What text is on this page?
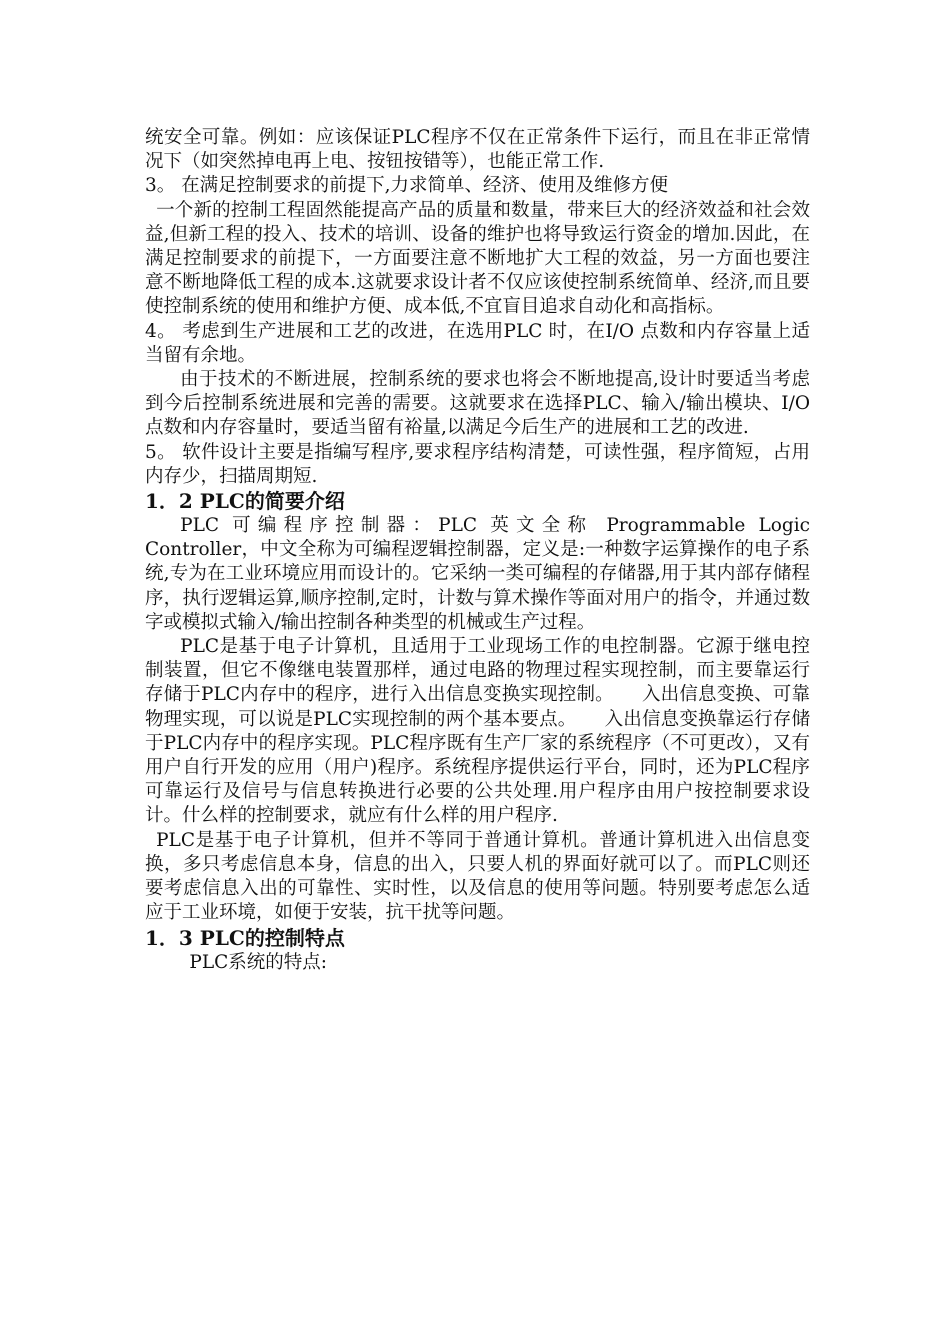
统安全可靠。例如：应该保证PLC程序不仅在正常条件下运行，而且在非正常情况下（如突然掉电再上电、按钮按错等），也能正常工作.

3。 在满足控制要求的前提下,力求简单、经济、使用及维修方便

一个新的控制工程固然能提高产品的质量和数量，带来巨大的经济效益和社会效益,但新工程的投入、技术的培训、设备的维护也将导致运行资金的增加.因此，在满足控制要求的前提下，一方面要注意不断地扩大工程的效益，另一方面也要注意不断地降低工程的成本.这就要求设计者不仅应该使控制系统简单、经济,而且要使控制系统的使用和维护方便、成本低,不宜盲目追求自动化和高指标。

4。 考虑到生产进展和工艺的改进，在选用PLC 时，在I/O 点数和内存容量上适当留有余地。

由于技术的不断进展，控制系统的要求也将会不断地提高,设计时要适当考虑到今后控制系统进展和完善的需要。这就要求在选择PLC、输入/输出模块、I/O 点数和内存容量时，要适当留有裕量,以满足今后生产的进展和工艺的改进.

5。 软件设计主要是指编写程序,要求程序结构清楚，可读性强，程序简短，占用内存少，扫描周期短.

1．2 PLC的简要介绍

PLC 可编程序控制器：PLC 英文全称 Programmable Logic Controller，中文全称为可编程逻辑控制器，定义是:一种数字运算操作的电子系统,专为在工业环境应用而设计的。它采纳一类可编程的存储器,用于其内部存储程序，执行逻辑运算,顺序控制,定时，计数与算术操作等面对用户的指令，并通过数字或模拟式输入/输出控制各种类型的机械或生产过程。

PLC是基于电子计算机，且适用于工业现场工作的电控制器。它源于继电控制装置，但它不像继电装置那样，通过电路的物理过程实现控制，而主要靠运行存储于PLC内存中的程序，进行入出信息变换实现控制。　　入出信息变换、可靠物理实现，可以说是PLC实现控制的两个基本要点。　　入出信息变换靠运行存储于PLC内存中的程序实现。PLC程序既有生产厂家的系统程序（不可更改），又有用户自行开发的应用（用户)程序。系统程序提供运行平台，同时，还为PLC程序可靠运行及信号与信息转换进行必要的公共处理.用户程序由用户按控制要求设计。什么样的控制要求，就应有什么样的用户程序.

PLC是基于电子计算机，但并不等同于普通计算机。普通计算机进入出信息变换，多只考虑信息本身，信息的出入，只要人机的界面好就可以了。而PLC则还要考虑信息入出的可靠性、实时性，以及信息的使用等问题。特别要考虑怎么适应于工业环境，如便于安装，抗干扰等问题。

1．3 PLC的控制特点

PLC系统的特点:
